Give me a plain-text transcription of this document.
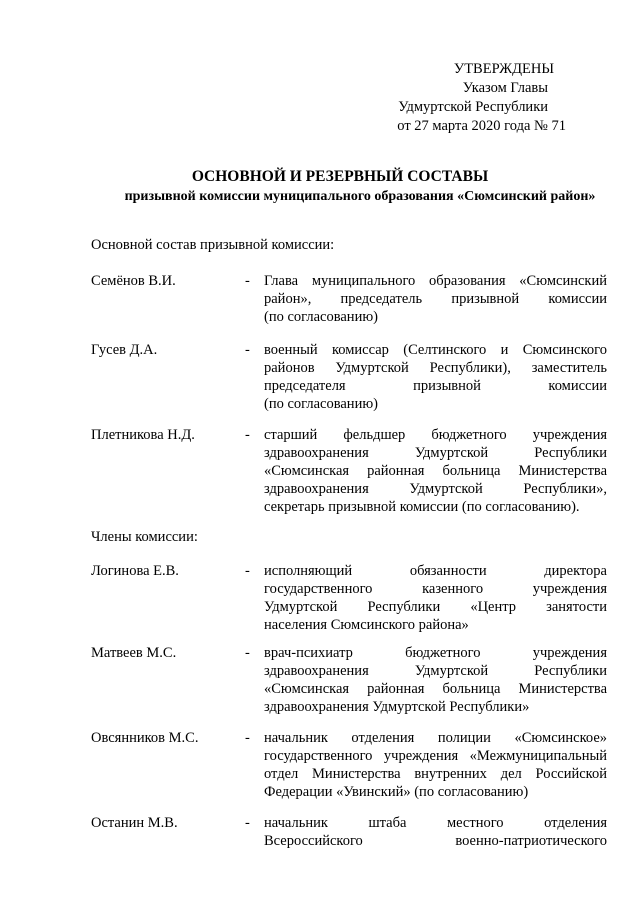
УТВЕРЖДЕНЫ
Указом Главы
Удмуртской Республики
от 27 марта 2020 года № 71
ОСНОВНОЙ И РЕЗЕРВНЫЙ СОСТАВЫ
призывной комиссии муниципального образования «Сюмсинский район»
Основной состав призывной комиссии:
Семёнов В.И.	- Глава муниципального образования «Сюмсинский
район», председатель призывной комиссии
(по согласованию)
Гусев Д.А.	- военный комиссар (Селтинского и Сюмсинского
районов Удмуртской Республики), заместитель
председателя призывной комиссии
(по согласованию)
Плетникова Н.Д.	- старший фельдшер бюджетного учреждения
здравоохранения Удмуртской Республики
«Сюмсинская районная больница Министерства
здравоохранения Удмуртской Республики»,
секретарь призывной комиссии (по согласованию).
Члены комиссии:
Логинова Е.В.	- исполняющий обязанности директора
государственного казенного учреждения
Удмуртской Республики «Центр занятости
населения Сюмсинского района»
Матвеев М.С.	- врач-психиатр бюджетного учреждения
здравоохранения Удмуртской Республики
«Сюмсинская районная больница Министерства
здравоохранения Удмуртской Республики»
Овсянников М.С.	- начальник отделения полиции «Сюмсинское»
государственного учреждения «Межмуниципальный
отдел Министерства внутренних дел Российской
Федерации «Увинский» (по согласованию)
Останин М.В.	- начальник штаба местного отделения
Всероссийского военно-патриотического
